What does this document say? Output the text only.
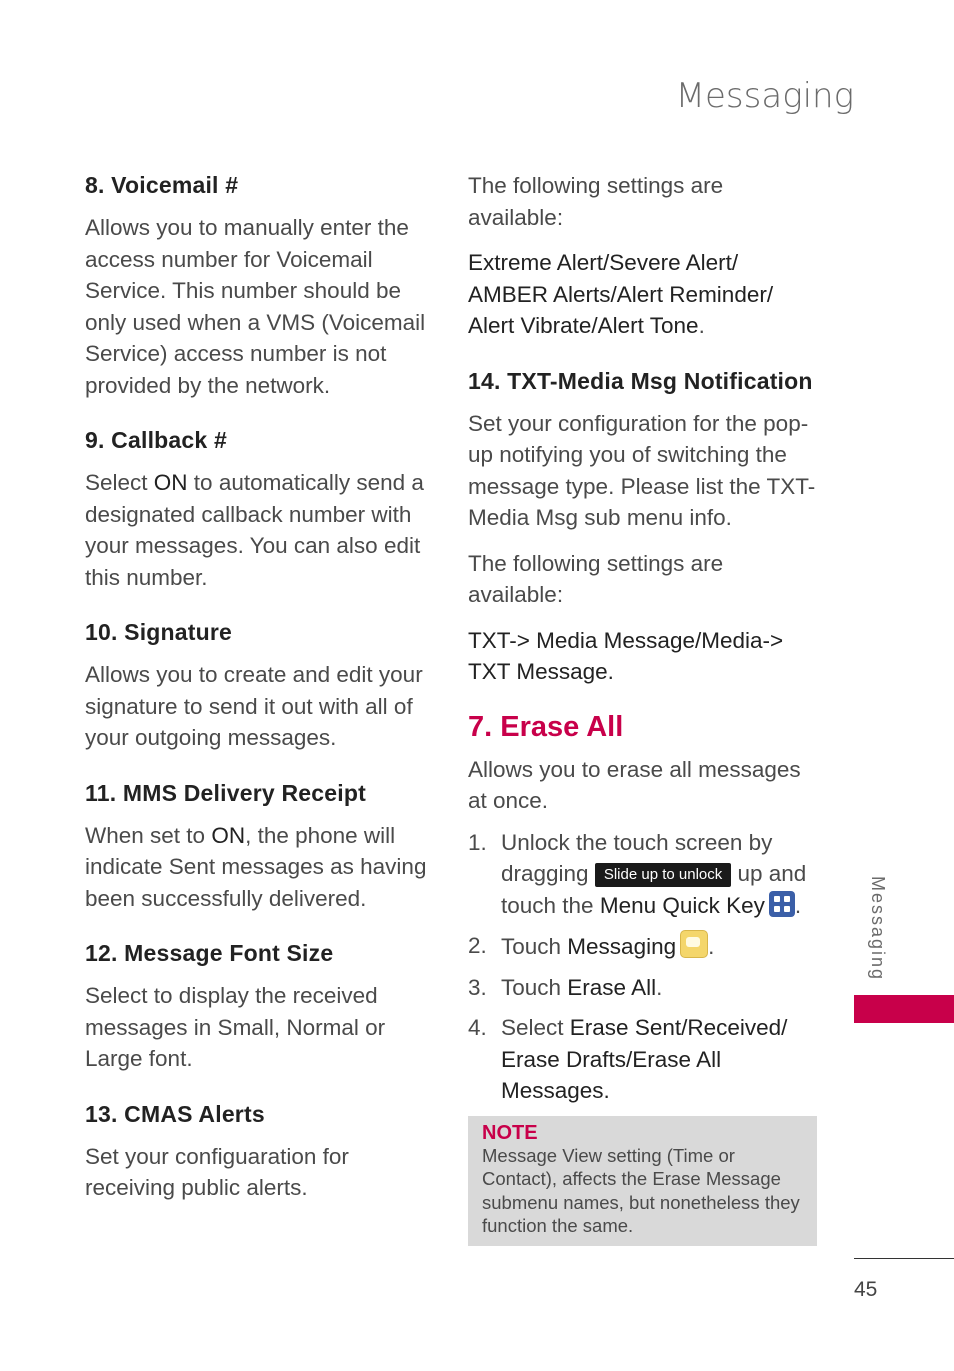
Messaging
8. Voicemail #

Allows you to manually enter the access number for Voicemail Service. This number should be only used when a VMS (Voicemail Service) access number is not provided by the network.

9. Callback #

Select ON to automatically send a designated callback number with your messages. You can also edit this number.

10. Signature

Allows you to create and edit your signature to send it out with all of your outgoing messages.

11. MMS Delivery Receipt

When set to ON, the phone will indicate Sent messages as having been successfully delivered.

12. Message Font Size

Select to display the received messages in Small, Normal or Large font.

13. CMAS Alerts

Set your configuaration for receiving public alerts.

The following settings are available:

Extreme Alert/Severe Alert/ AMBER Alerts/Alert Reminder/ Alert Vibrate/Alert Tone.

14. TXT-Media Msg Notification

Set your configuration for the pop-up notifying you of switching the message type. Please list the TXT-Media Msg sub menu info.

The following settings are available:

TXT-> Media Message/Media-> TXT Message.

7. Erase All

Allows you to erase all messages at once.

1. Unlock the touch screen by dragging Slide up to unlock up and touch the Menu Quick Key .
2. Touch Messaging .
3. Touch Erase All.
4. Select Erase Sent/Received/ Erase Drafts/Erase All Messages.
NOTE

Message View setting (Time or Contact), affects the Erase Message submenu names, but nonetheless they function the same.

Messaging
45
